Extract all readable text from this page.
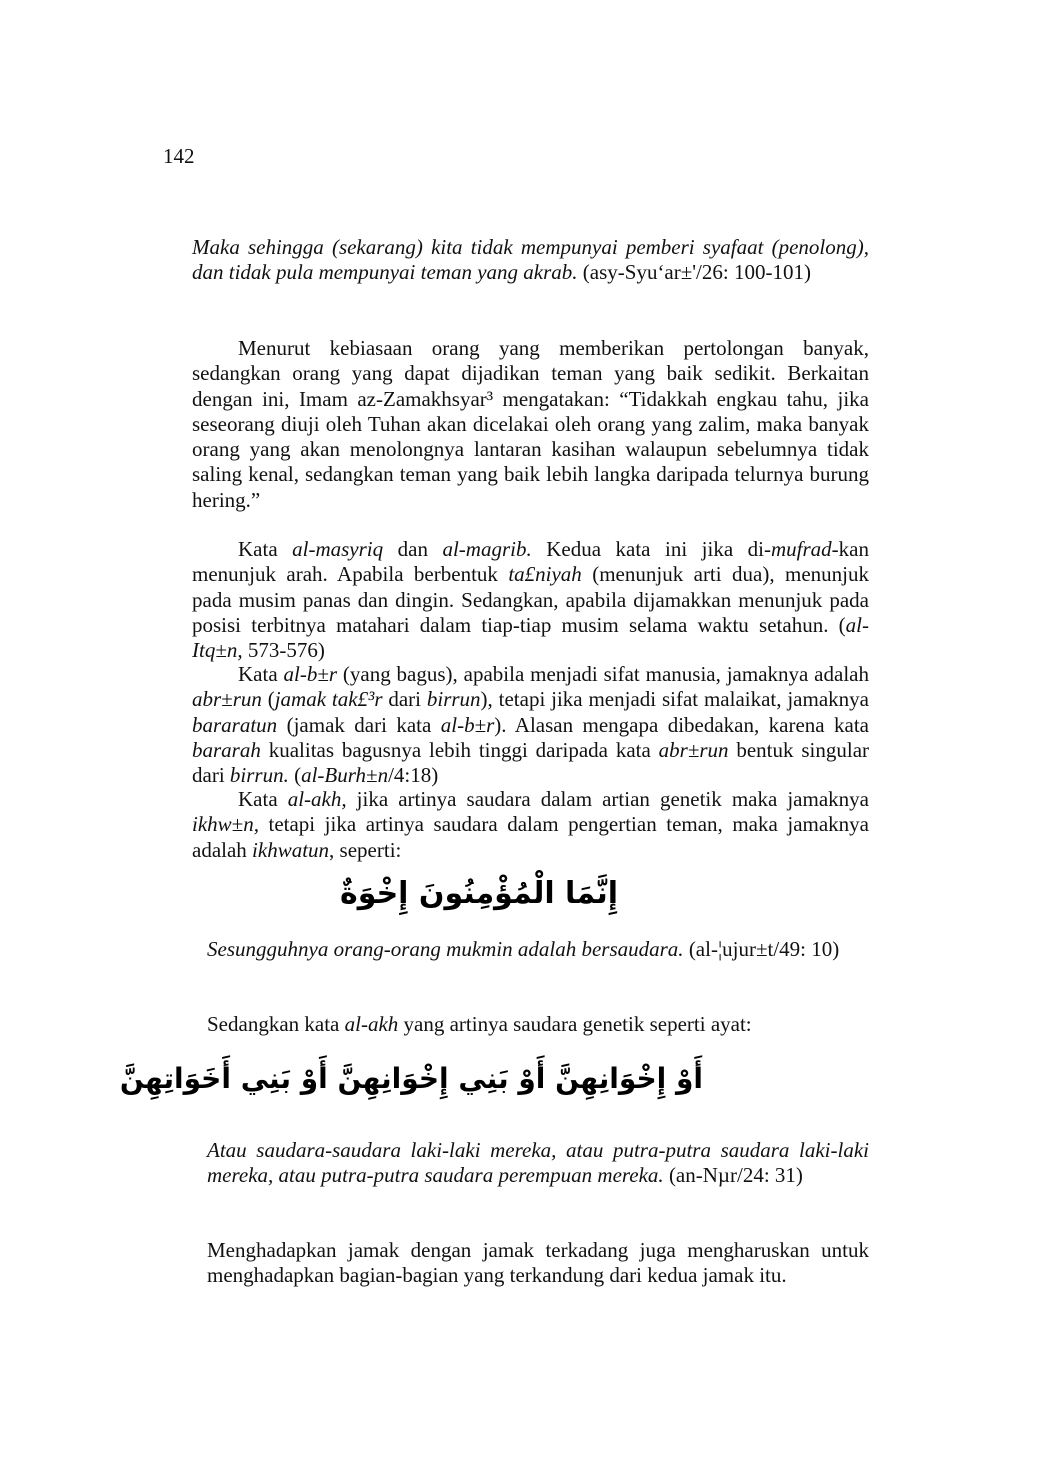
142

Maka sehingga (sekarang) kita tidak mempunyai pemberi syafaat (penolong), dan tidak pula mempunyai teman yang akrab. (asy-Syu‘ar±'/26: 100-101)

Menurut kebiasaan orang yang memberikan pertolongan banyak, sedangkan orang yang dapat dijadikan teman yang baik sedikit. Berkaitan dengan ini, Imam az-Zamakhsyar³ mengatakan: “Tidakkah engkau tahu, jika seseorang diuji oleh Tuhan akan dicelakai oleh orang yang zalim, maka banyak orang yang akan menolongnya lantaran kasihan walaupun sebelumnya tidak saling kenal, sedangkan teman yang baik lebih langka daripada telurnya burung hering.”

Kata al-masyriq dan al-magrib. Kedua kata ini jika di-mufrad-kan menunjuk arah. Apabila berbentuk ta£niyah (menunjuk arti dua), menunjuk pada musim panas dan dingin. Sedangkan, apabila dijamakkan menunjuk pada posisi terbitnya matahari dalam tiap-tiap musim selama waktu setahun. (al-Itq±n, 573-576)

Kata al-b±r (yang bagus), apabila menjadi sifat manusia, jamaknya adalah abr±run (jamak tak£³r dari birrun), tetapi jika menjadi sifat malaikat, jamaknya bararatun (jamak dari kata al-b±r). Alasan mengapa dibedakan, karena kata bararah kualitas bagusnya lebih tinggi daripada kata abr±run bentuk singular dari birrun. (al-Burh±n/4:18)

Kata al-akh, jika artinya saudara dalam artian genetik maka jamaknya ikhw±n, tetapi jika artinya saudara dalam pengertian teman, maka jamaknya adalah ikhwatun, seperti:

إِنَّمَا الْمُؤْمِنُونَ إِخْوَةٌ

Sesungguhnya orang-orang mukmin adalah bersaudara. (al-¦ujur±t/49: 10)

Sedangkan kata al-akh yang artinya saudara genetik seperti ayat:

أَوْ إِخْوَانِهِنَّ أَوْ بَنِي إِخْوَانِهِنَّ أَوْ بَنِي أَخَوَاتِهِنَّ

Atau saudara-saudara laki-laki mereka, atau putra-putra saudara laki-laki mereka, atau putra-putra saudara perempuan mereka. (an-Nµr/24: 31)

Menghadapkan jamak dengan jamak terkadang juga mengharuskan untuk menghadapkan bagian-bagian yang terkandung dari kedua jamak itu.
